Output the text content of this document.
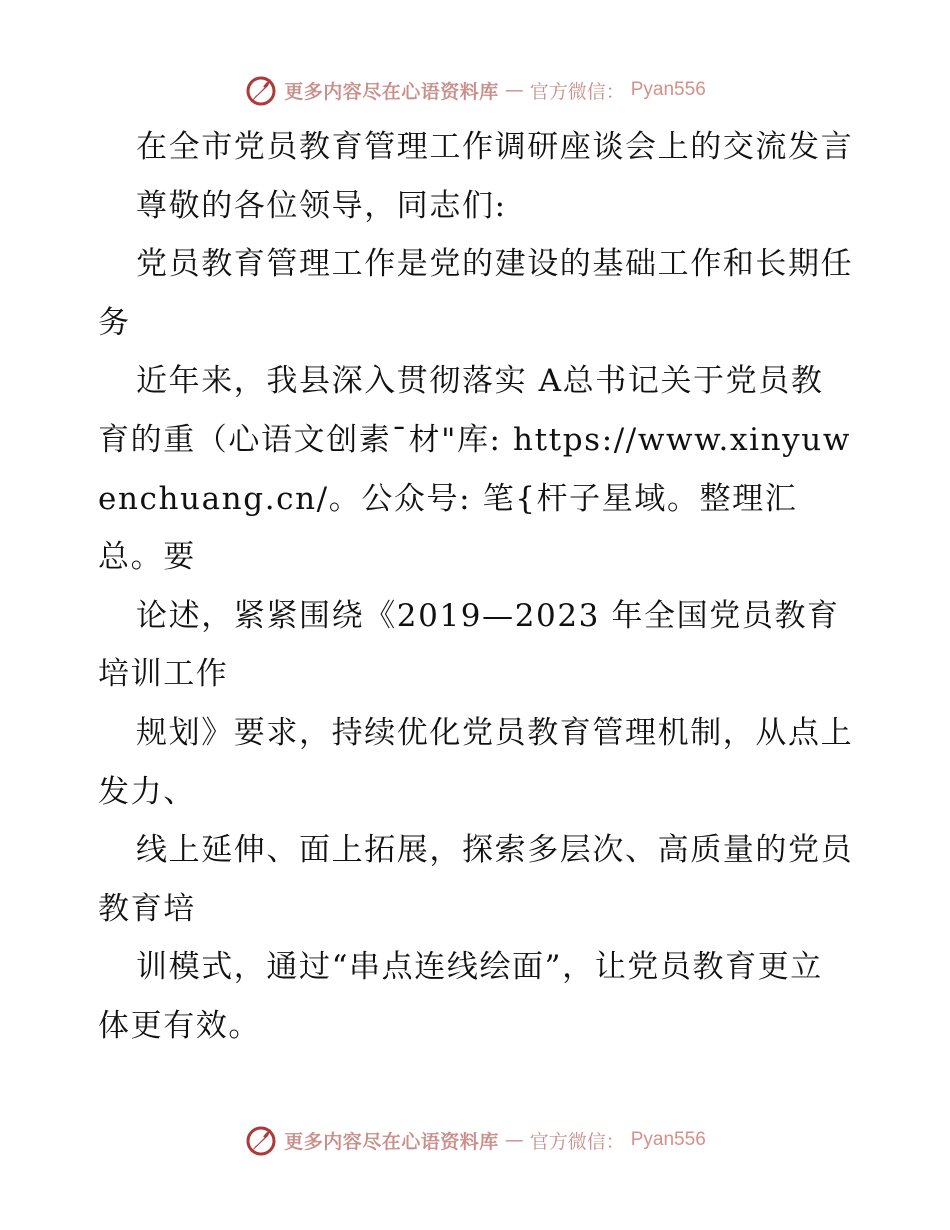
更多内容尽在心语资料库 — 官方微信： Pyan556

在全市党员教育管理工作调研座谈会上的交流发言

尊敬的各位领导，同志们:

党员教育管理工作是党的建设的基础工作和长期任务

近年来，我县深入贯彻落实 A总书记关于党员教育的重（心语文创素¯材"库: https://www.xinyuwenchuang.cn/。公众号: 笔{杆子星域。整理汇总。要

论述，紧紧围绕《2019—2023 年全国党员教育培训工作

规划》要求，持续优化党员教育管理机制，从点上发力、

线上延伸、面上拓展，探索多层次、高质量的党员教育培

训模式，通过“串点连线绘面”，让党员教育更立体更有效。

更多内容尽在心语资料库 — 官方微信： Pyan556
